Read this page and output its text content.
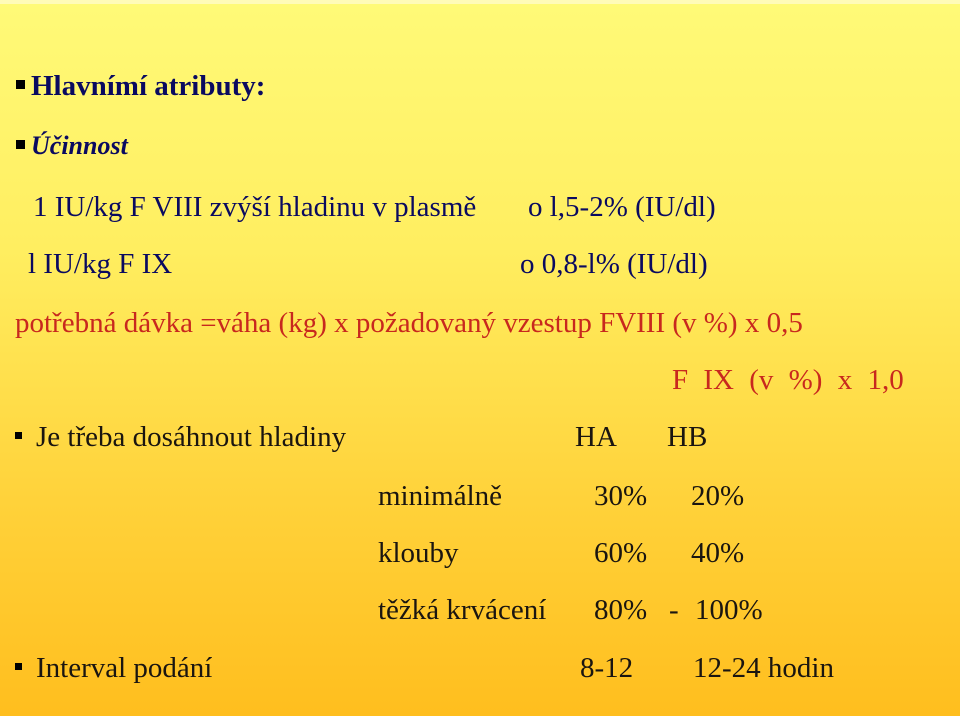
Hlavnímí atributy:
Účinnost
1 IU/kg F VIII zvýší hladinu v plasmě o l,5-2% (IU/dl)
l IU/kg F IX	o 0,8-l% (IU/dl)
potřebná dávka =váha (kg) x požadovaný vzestup FVIII (v %) x 0,5
F IX (v %) x 1,0
Je třeba dosáhnout hladiny	HA HB
minimálně	30% 20%
klouby	60% 40%
těžká krvácení 80% - 100%
Interval podání	8-12 12-24 hodin
